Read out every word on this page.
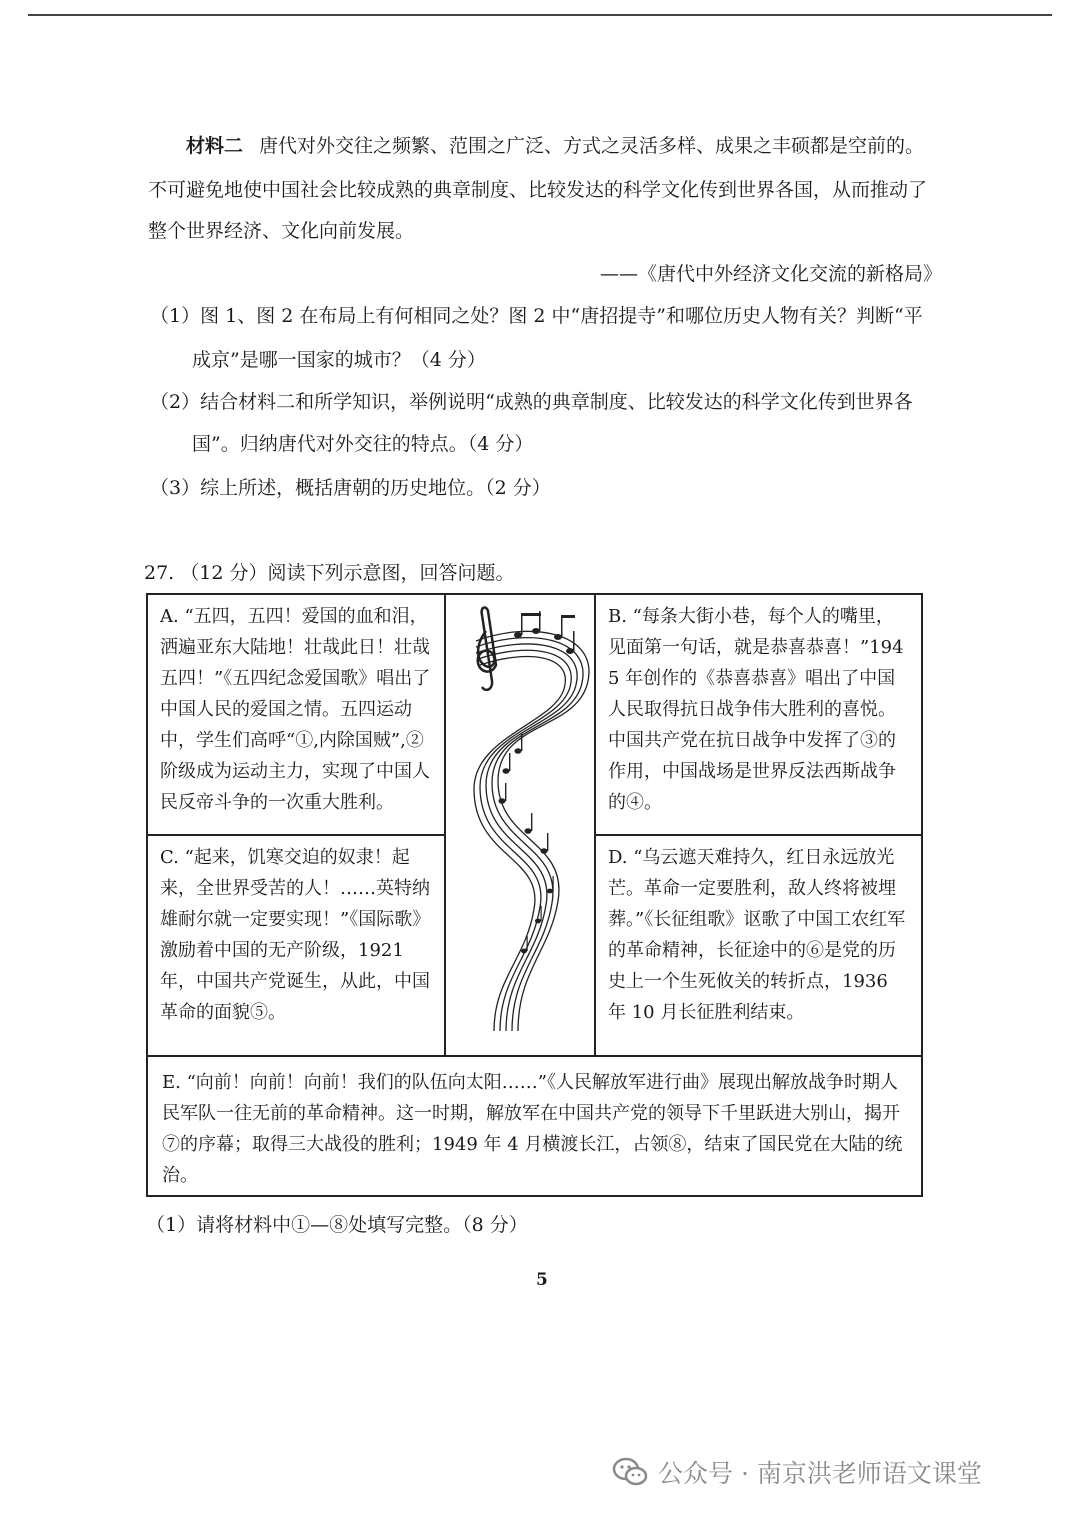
材料二 唐代对外交往之频繁、范围之广泛、方式之灵活多样、成果之丰硕都是空前的。
不可避免地使中国社会比较成熟的典章制度、比较发达的科学文化传到世界各国，从而推动了
整个世界经济、文化向前发展。
——《唐代中外经济文化交流的新格局》
（1）图 1、图 2 在布局上有何相同之处？图 2 中“唐招提寺”和哪位历史人物有关？判断“平
成京”是哪一国家的城市？（4 分）
（2）结合材料二和所学知识，举例说明“成熟的典章制度、比较发达的科学文化传到世界各
国”。归纳唐代对外交往的特点。（4 分）
（3）综上所述，概括唐朝的历史地位。（2 分）
27. （12 分）阅读下列示意图，回答问题。
A. “五四，五四！爱国的血和泪，洒遍亚东大陆地！壮哉此日！壮哉五四！”《五四纪念爱国歌》唱出了中国人民的爱国之情。五四运动中，学生们高呼“①,内除国贼”,②阶级成为运动主力，实现了中国人民反帝斗争的一次重大胜利。		B. “每条大街小巷，每个人的嘴里，见面第一句话，就是恭喜恭喜！”1945 年创作的《恭喜恭喜》唱出了中国人民取得抗日战争伟大胜利的喜悦。中国共产党在抗日战争中发挥了③的作用，中国战场是世界反法西斯战争的④。
C. “起来，饥寒交迫的奴隶！起来，全世界受苦的人！……英特纳雄耐尔就一定要实现！”《国际歌》激励着中国的无产阶级，1921 年，中国共产党诞生，从此，中国革命的面貌⑤。		D. “乌云遮天难持久，红日永远放光芒。革命一定要胜利，敌人终将被埋葬。”《长征组歌》讴歌了中国工农红军的革命精神，长征途中的⑥是党的历史上一个生死攸关的转折点，1936 年 10 月长征胜利结束。
E. “向前！向前！向前！我们的队伍向太阳……”《人民解放军进行曲》展现出解放战争时期人民军队一往无前的革命精神。这一时期，解放军在中国共产党的领导下千里跃进大别山，揭开⑦的序幕；取得三大战役的胜利；1949 年 4 月横渡长江，占领⑧，结束了国民党在大陆的统治。		
（1）请将材料中①—⑧处填写完整。（8 分）
5
公众号 · 南京洪老师语文课堂
